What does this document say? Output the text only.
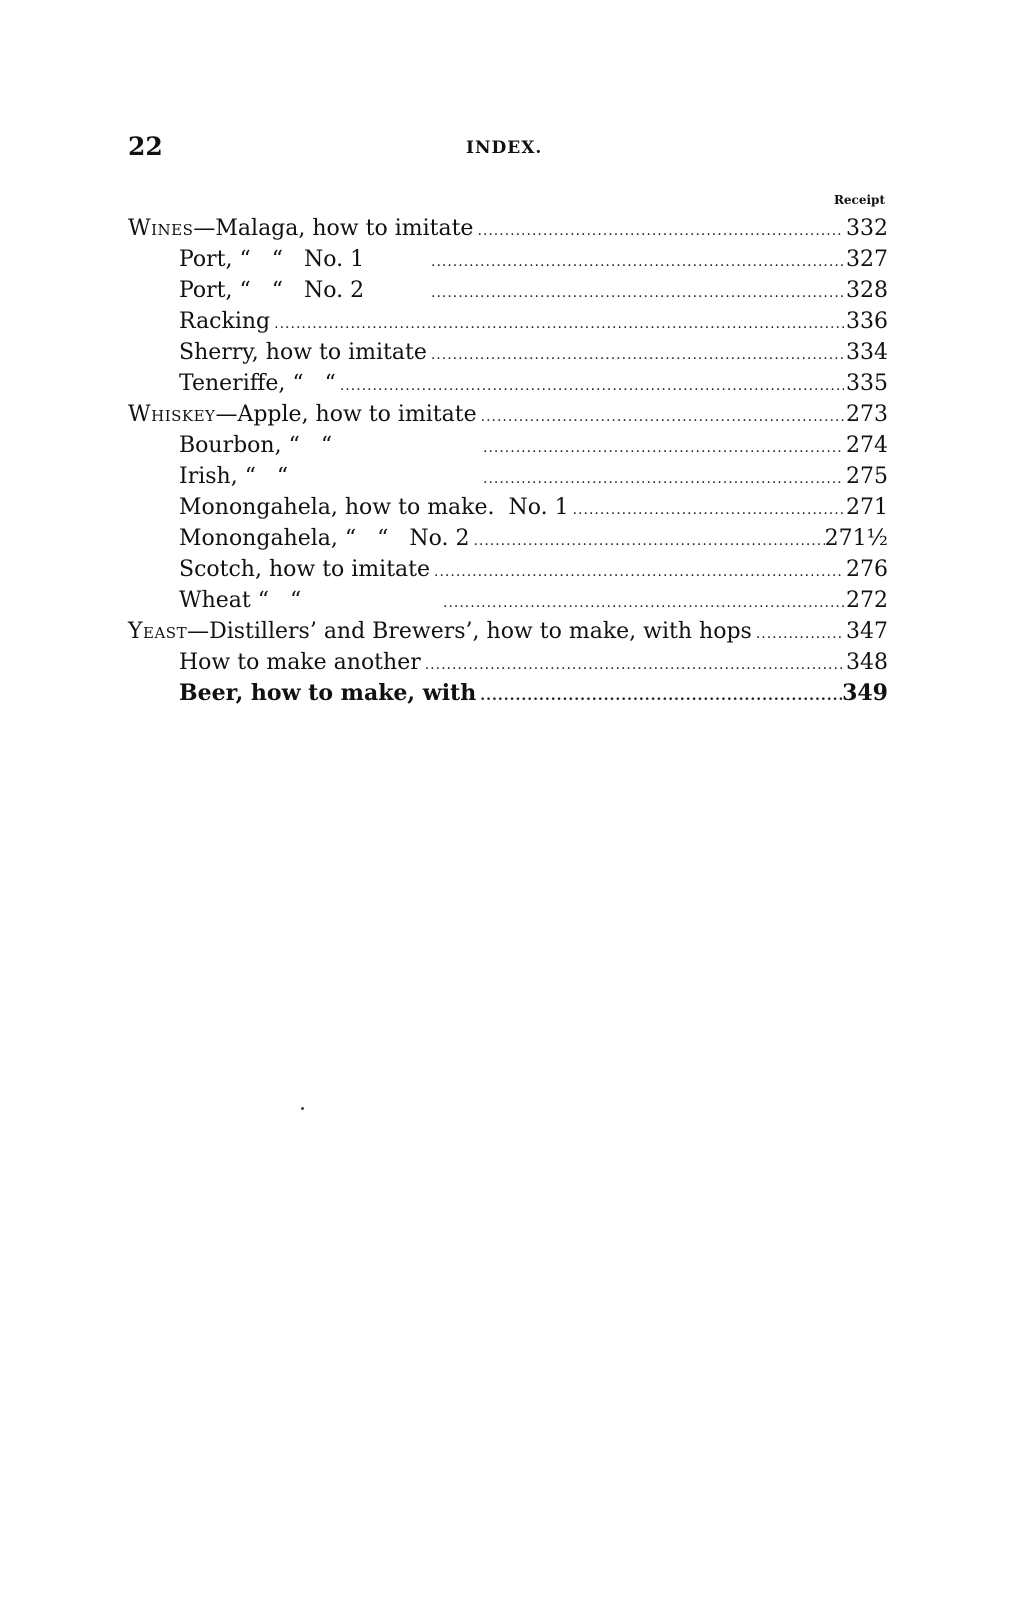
22	INDEX.
Receipt
Wines—Malaga, how to imitate .....	332
Port, “   “   No. 1 .....	327
Port, “   “   No. 2 .....	328
Racking .....	336
Sherry, how to imitate .....	334
Teneriffe, “   “ .....	335
Whiskey—Apple, how to imitate .....	273
Bourbon, “   “ .....	274
Irish, “   “ .....	275
Monongahela, how to make.  No. 1 .....	271
Monongahela, “   “   No. 2 .....	271½
Scotch, how to imitate .....	276
Wheat “   “ .....	272
Yeast—Distillers’ and Brewers’, how to make, with hops .....	347
How to make another .....	348
Beer, how to make, with .....	349
